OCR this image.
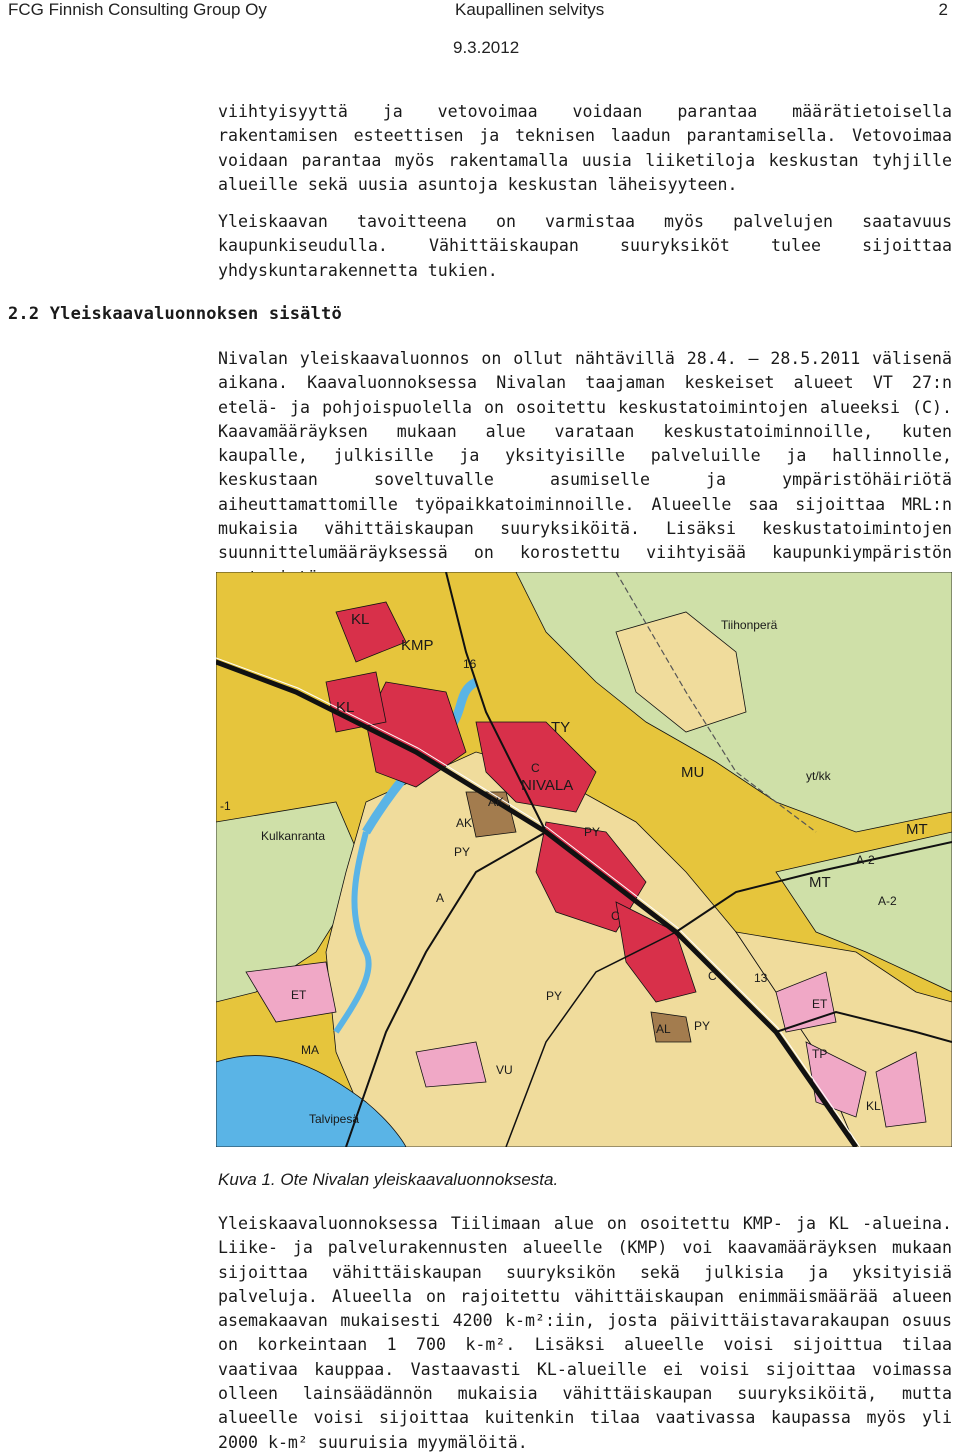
FCG Finnish Consulting Group Oy	Kaupallinen selvitys	2
9.3.2012
viihtyisyyttä ja vetovoimaa voidaan parantaa määrätietoisella rakentamisen esteettisen ja teknisen laadun parantamisella. Vetovoimaa voidaan parantaa myös rakentamalla uusia liiketiloja keskustan tyhjille alueille sekä uusia asuntoja keskustan läheisyyteen.
Yleiskaavan tavoitteena on varmistaa myös palvelujen saatavuus kaupunkiseudulla. Vähittäiskaupan suuryksiköt tulee sijoittaa yhdyskuntarakennetta tukien.
2.2 Yleiskaavaluonnoksen sisältö
Nivalan yleiskaavaluonnos on ollut nähtävillä 28.4. – 28.5.2011 välisenä aikana. Kaavaluonnoksessa Nivalan taajaman keskeiset alueet VT 27:n etelä- ja pohjoispuolella on osoitettu keskustatoimintojen alueeksi (C). Kaavamääräyksen mukaan alue varataan keskustatoiminnoille, kuten kaupalle, julkisille ja yksityisille palveluille ja hallinnolle, keskustaan soveltuvalle asumiselle ja ympäristöhäiriötä aiheuttamattomille työpaikkatoiminnoille. Alueelle saa sijoittaa MRL:n mukaisia vähittäiskaupan suuryksiköitä. Lisäksi keskustatoimintojen suunnittelumääräyksessä on korostettu viihtyisää kaupunkiympäristön
KL
KMP
KL
TY
NIVALA
MU
MT
MT
A-2
A-2
Kulkanranta
Tiihonperä
AK
AK
PY
PY
PY
PY
C
C
C
ET
ET
MA
VU
TP
KL
AL
Talvipesä
A
-1
13
16
yt/kk
Kuva 1. Ote Nivalan yleiskaavaluonnoksesta.
Yleiskaavaluonnoksessa Tiilimaan alue on osoitettu KMP- ja KL -alueina. Liike- ja palvelurakennusten alueelle (KMP) voi kaavamääräyksen mukaan sijoittaa vähittäiskaupan suuryksikön sekä julkisia ja yksityisiä palveluja. Alueella on rajoitettu vähittäiskaupan enimmäismäärää alueen asemakaavan mukaisesti 4200 k-m²:iin, josta päivittäistavarakaupan osuus on korkeintaan 1 700 k-m². Lisäksi alueelle voisi sijoittua tilaa vaativaa kauppaa. Vastaavasti KL-alueille ei voisi sijoittaa voimassa olleen lainsäädännön mukaisia vähittäiskaupan suuryksiköitä, mutta alueelle voisi sijoittaa kuitenkin tilaa vaativassa kaupassa myös yli 2000 k-m² suuruisia myymälöitä.
